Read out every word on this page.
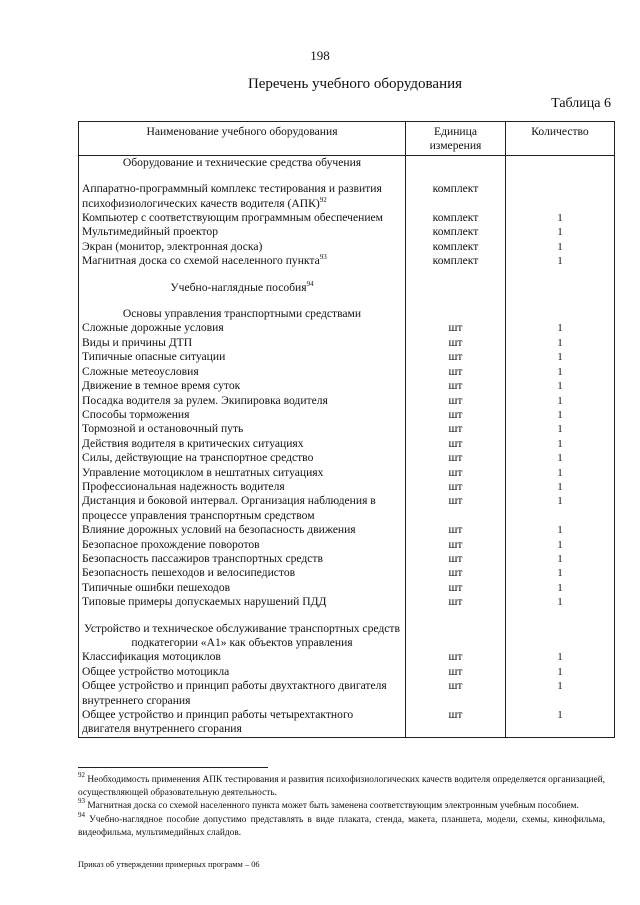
198
Перечень учебного оборудования
Таблица 6
Наименование учебного оборудования	Единица измерения	Количество
Оборудование и технические средства обучения		

Аппаратно-программный комплекс тестирования и развития психофизиологических качеств водителя (АПК)$^{92}$	комплект	
Компьютер с соответствующим программным обеспечением	комплект	1
Мультимедийный проектор	комплект	1
Экран (монитор, электронная доска)	комплект	1
Магнитная доска со схемой населенного пункта$^{93}$	комплект	1

Учебно-наглядные пособия$^{94}$		

Основы управления транспортными средствами		
Сложные дорожные условия	шт	1
Виды и причины ДТП	шт	1
Типичные опасные ситуации	шт	1
Сложные метеоусловия	шт	1
Движение в темное время суток	шт	1
Посадка водителя за рулем. Экипировка водителя	шт	1
Способы торможения	шт	1
Тормозной и остановочный путь	шт	1
Действия водителя в критических ситуациях	шт	1
Силы, действующие на транспортное средство	шт	1
Управление мотоциклом в нештатных ситуациях	шт	1
Профессиональная надежность водителя	шт	1
Дистанция и боковой интервал. Организация наблюдения в процессе управления транспортным средством	шт	1
Влияние дорожных условий на безопасность движения	шт	1
Безопасное прохождение поворотов	шт	1
Безопасность пассажиров транспортных средств	шт	1
Безопасность пешеходов и велосипедистов	шт	1
Типичные ошибки пешеходов	шт	1
Типовые примеры допускаемых нарушений ПДД	шт	1

Устройство и техническое обслуживание транспортных средств подкатегории «А1» как объектов управления		
Классификация мотоциклов	шт	1
Общее устройство мотоцикла	шт	1
Общее устройство и принцип работы двухтактного двигателя внутреннего сгорания	шт	1
Общее устройство и принцип работы четырехтактного двигателя внутреннего сгорания	шт	1

$^{92}$ Необходимость применения АПК тестирования и развития психофизиологических качеств водителя определяется организацией, осуществляющей образовательную деятельность.

$^{93}$ Магнитная доска со схемой населенного пункта может быть заменена соответствующим электронным учебным пособием.

$^{94}$ Учебно-наглядное пособие допустимо представлять в виде плаката, стенда, макета, планшета, модели, схемы, кинофильма, видеофильма, мультимедийных слайдов.

Приказ об утверждении примерных программ – 06
